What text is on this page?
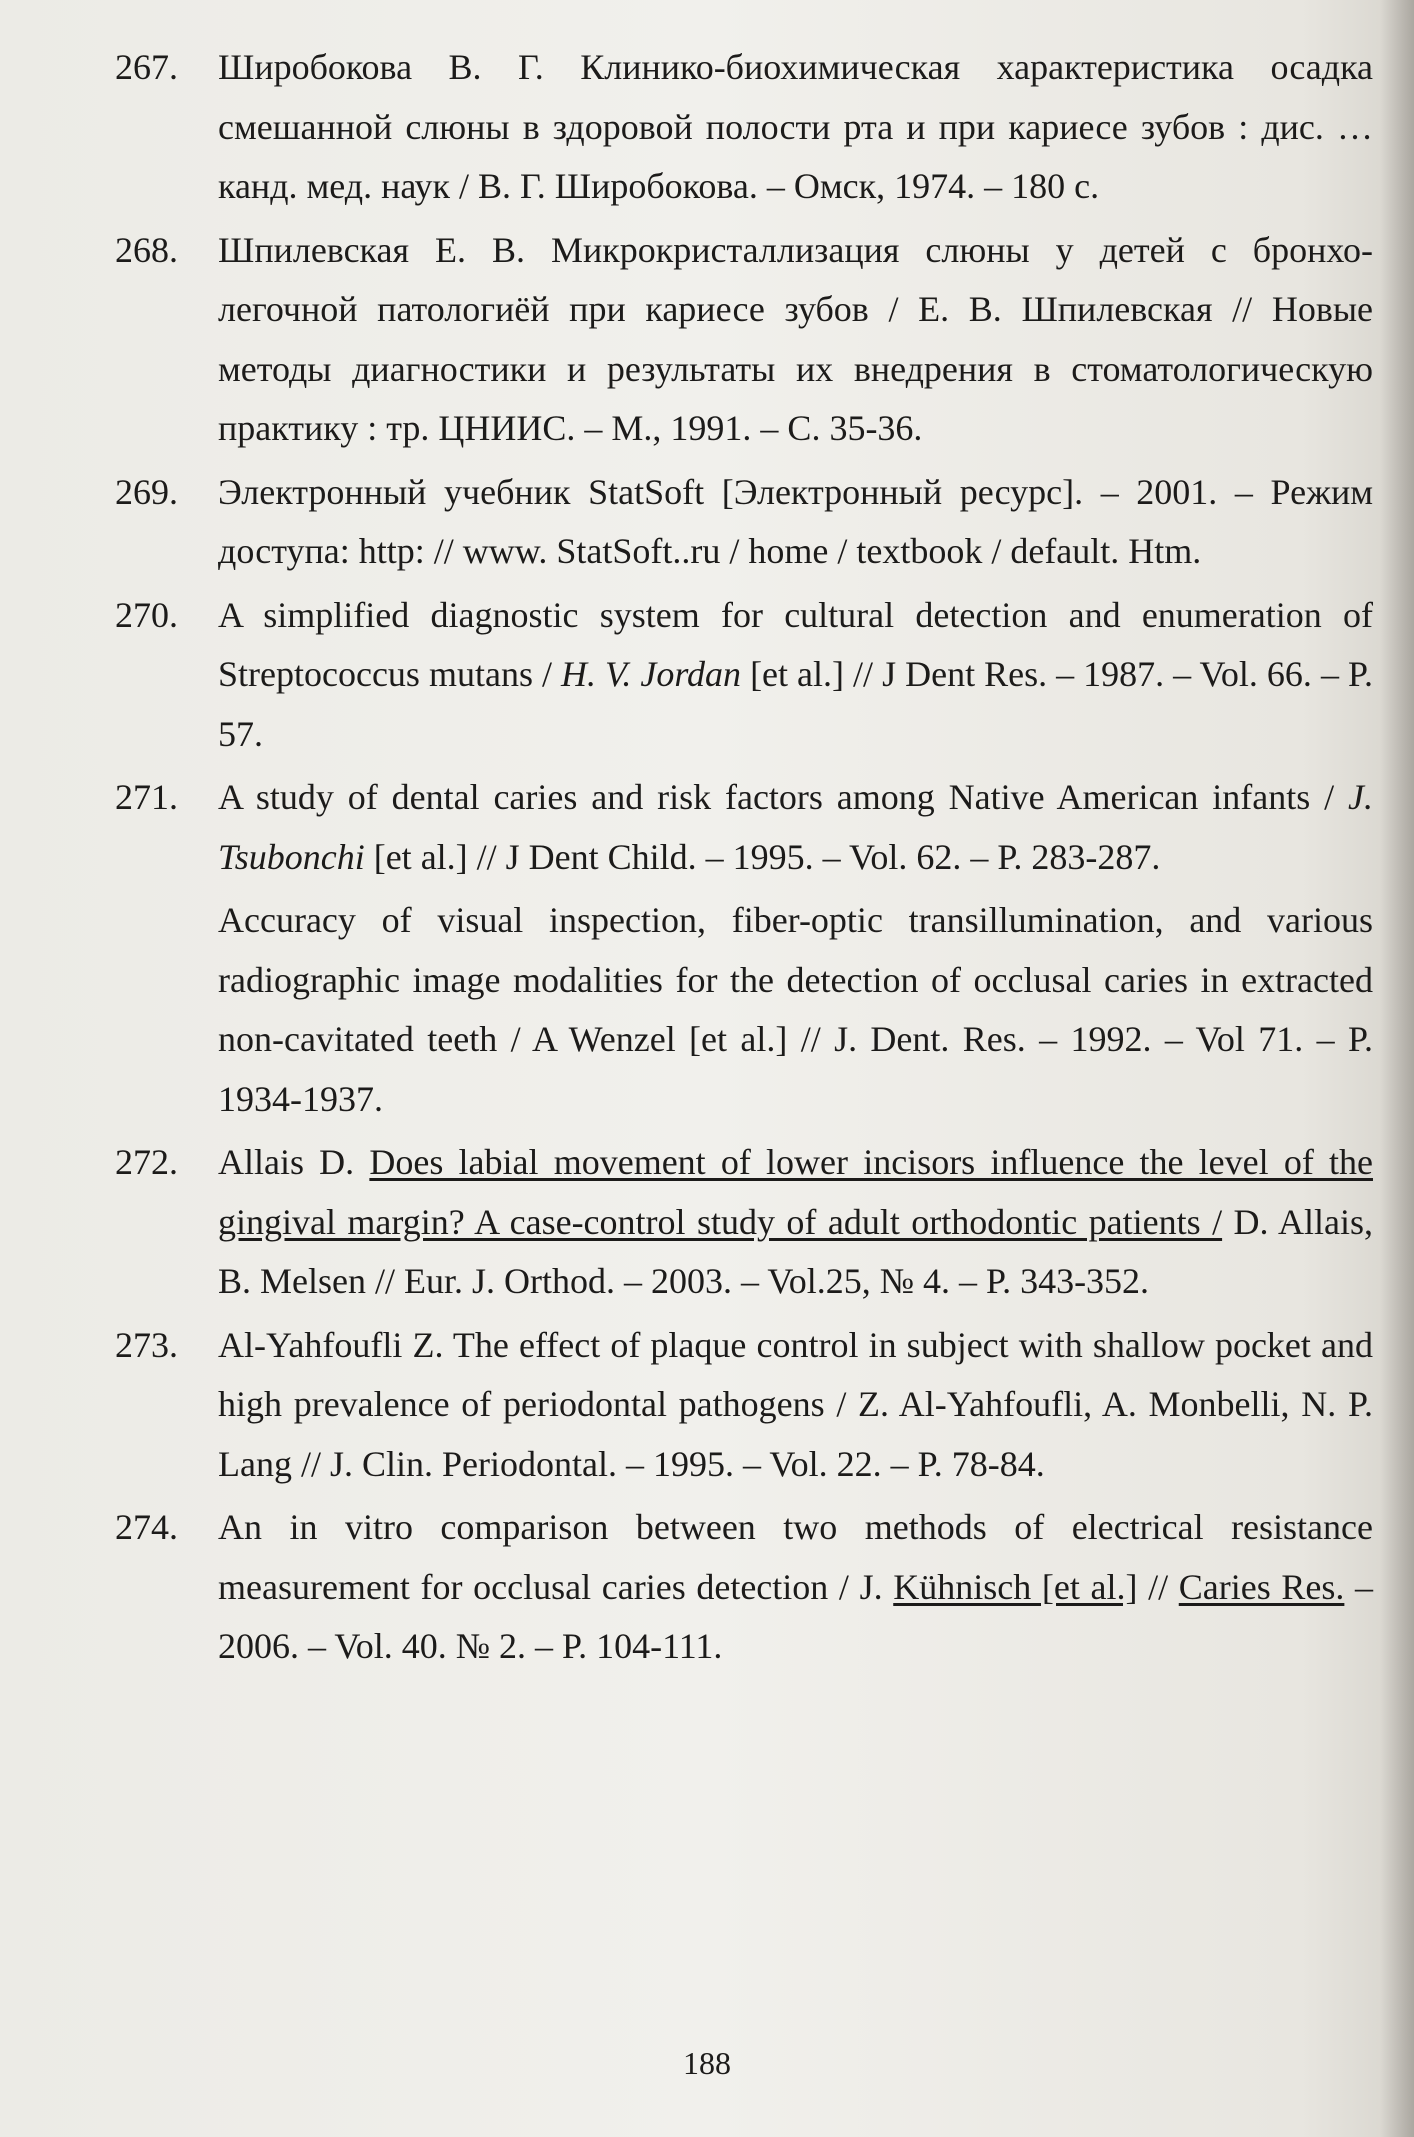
267.	Широбокова В. Г. Клинико-биохимическая характеристика осадка смешанной слюны в здоровой полости рта и при кариесе зубов : дис. … канд. мед. наук / В. Г. Широбокова. – Омск, 1974. – 180 с.
268.	Шпилевская Е. В. Микрокристаллизация слюны у детей с бронхо-легочной патологиёй при кариесе зубов / Е. В. Шпилевская // Новые методы диагностики и результаты их внедрения в стоматологическую практику : тр. ЦНИИС. – М., 1991. – С. 35-36.
269.	Электронный учебник StatSoft [Электронный ресурс]. – 2001. – Режим доступа: http: // www. StatSoft..ru / home / textbook / default. Htm.
270.	A simplified diagnostic system for cultural detection and enumeration of Streptococcus mutans / H. V. Jordan [et al.] // J Dent Res. – 1987. – Vol. 66. – P. 57.
271.	A study of dental caries and risk factors among Native American infants / J. Tsubonchi [et al.] // J Dent Child. – 1995. – Vol. 62. – P. 283-287.
Accuracy of visual inspection, fiber-optic transillumination, and various radiographic image modalities for the detection of occlusal caries in extracted non-cavitated teeth / A Wenzel [et al.] // J. Dent. Res. – 1992. – Vol 71. – P. 1934-1937.
272.	Allais D. Does labial movement of lower incisors influence the level of the gingival margin? A case-control study of adult orthodontic patients / D. Allais, B. Melsen // Eur. J. Orthod. – 2003. – Vol.25, № 4. – P. 343-352.
273.	Al-Yahfoufli Z. The effect of plaque control in subject with shallow pocket and high prevalence of periodontal pathogens / Z. Al-Yahfoufli, A. Monbelli, N. P. Lang // J. Clin. Periodontal. – 1995. – Vol. 22. – P. 78-84.
274.	An in vitro comparison between two methods of electrical resistance measurement for occlusal caries detection / J. Kühnisch [et al.] // Caries Res. – 2006. – Vol. 40. № 2. – P. 104-111.
188
